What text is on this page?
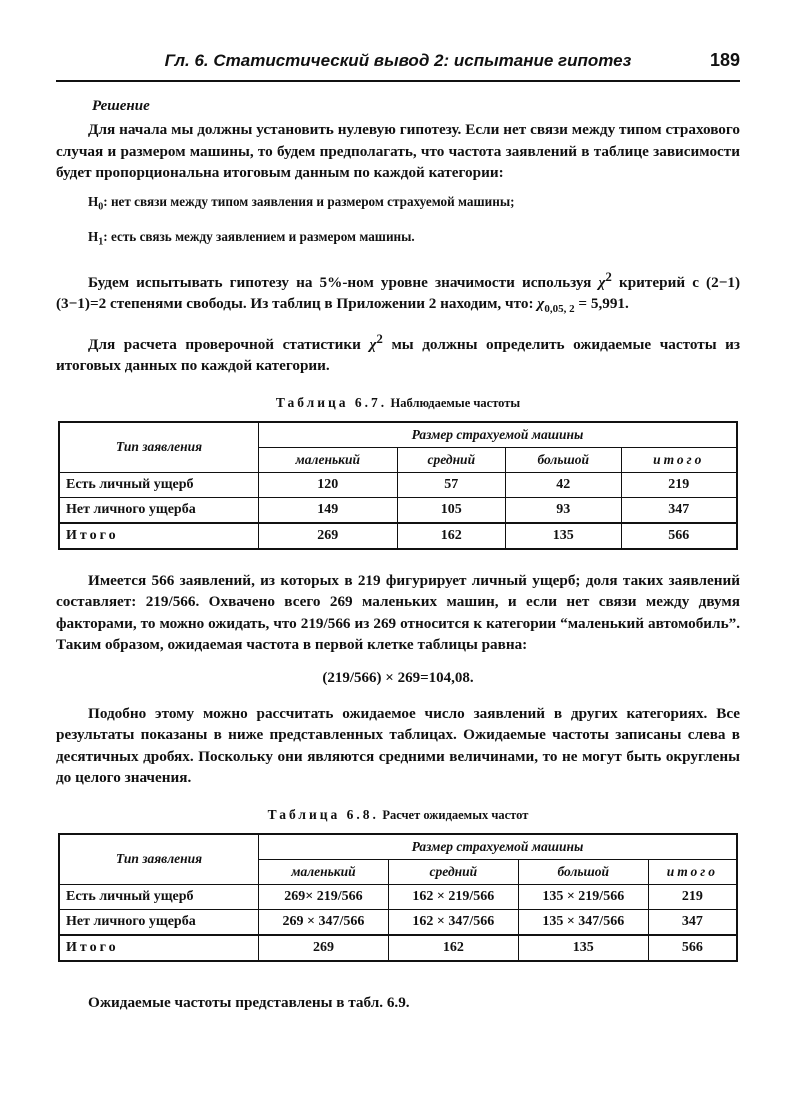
Гл. 6. Статистический вывод 2: испытание гипотез	189
Решение

Для начала мы должны установить нулевую гипотезу. Если нет связи между типом страхового случая и размером машины, то будем предполагать, что частота заявлений в таблице зависимости будет пропорциональна итоговым данным по каждой категории:

$H_0$: нет связи между типом заявления и размером страхуемой машины;
$H_1$: есть связь между заявлением и размером машины.

Будем испытывать гипотезу на 5%-ном уровне значимости используя $\chi^2$ критерий с (2−1)(3−1)=2 степенями свободы. Из таблиц в Приложении 2 находим, что: $\chi_{0,05, 2} = 5,991$.

Для расчета проверочной статистики $\chi^2$ мы должны определить ожидаемые частоты из итоговых данных по каждой категории.

Таблица 6.7. Наблюдаемые частоты
Тип заявления	Размер страхуемой машины			
	маленький	средний	большой	итого
Есть личный ущерб	120	57	42	219
Нет личного ущерба	149	105	93	347
Итого	269	162	135	566

Имеется 566 заявлений, из которых в 219 фигурирует личный ущерб; доля таких заявлений составляет: 219/566. Охвачено всего 269 маленьких машин, и если нет связи между двумя факторами, то можно ожидать, что 219/566 из 269 относится к категории “маленький автомобиль”. Таким образом, ожидаемая частота в первой клетке таблицы равна:

(219/566) × 269=104,08.

Подобно этому можно рассчитать ожидаемое число заявлений в других категориях. Все результаты показаны в ниже представленных таблицах. Ожидаемые частоты записаны слева в десятичных дробях. Поскольку они являются средними величинами, то не могут быть округлены до целого значения.

Таблица 6.8. Расчет ожидаемых частот
Тип заявления	Размер страхуемой машины			
	маленький	средний	большой	итого
Есть личный ущерб	269× 219/566	162 × 219/566	135 × 219/566	219
Нет личного ущерба	269 × 347/566	162 × 347/566	135 × 347/566	347
Итого	269	162	135	566

Ожидаемые частоты представлены в табл. 6.9.
